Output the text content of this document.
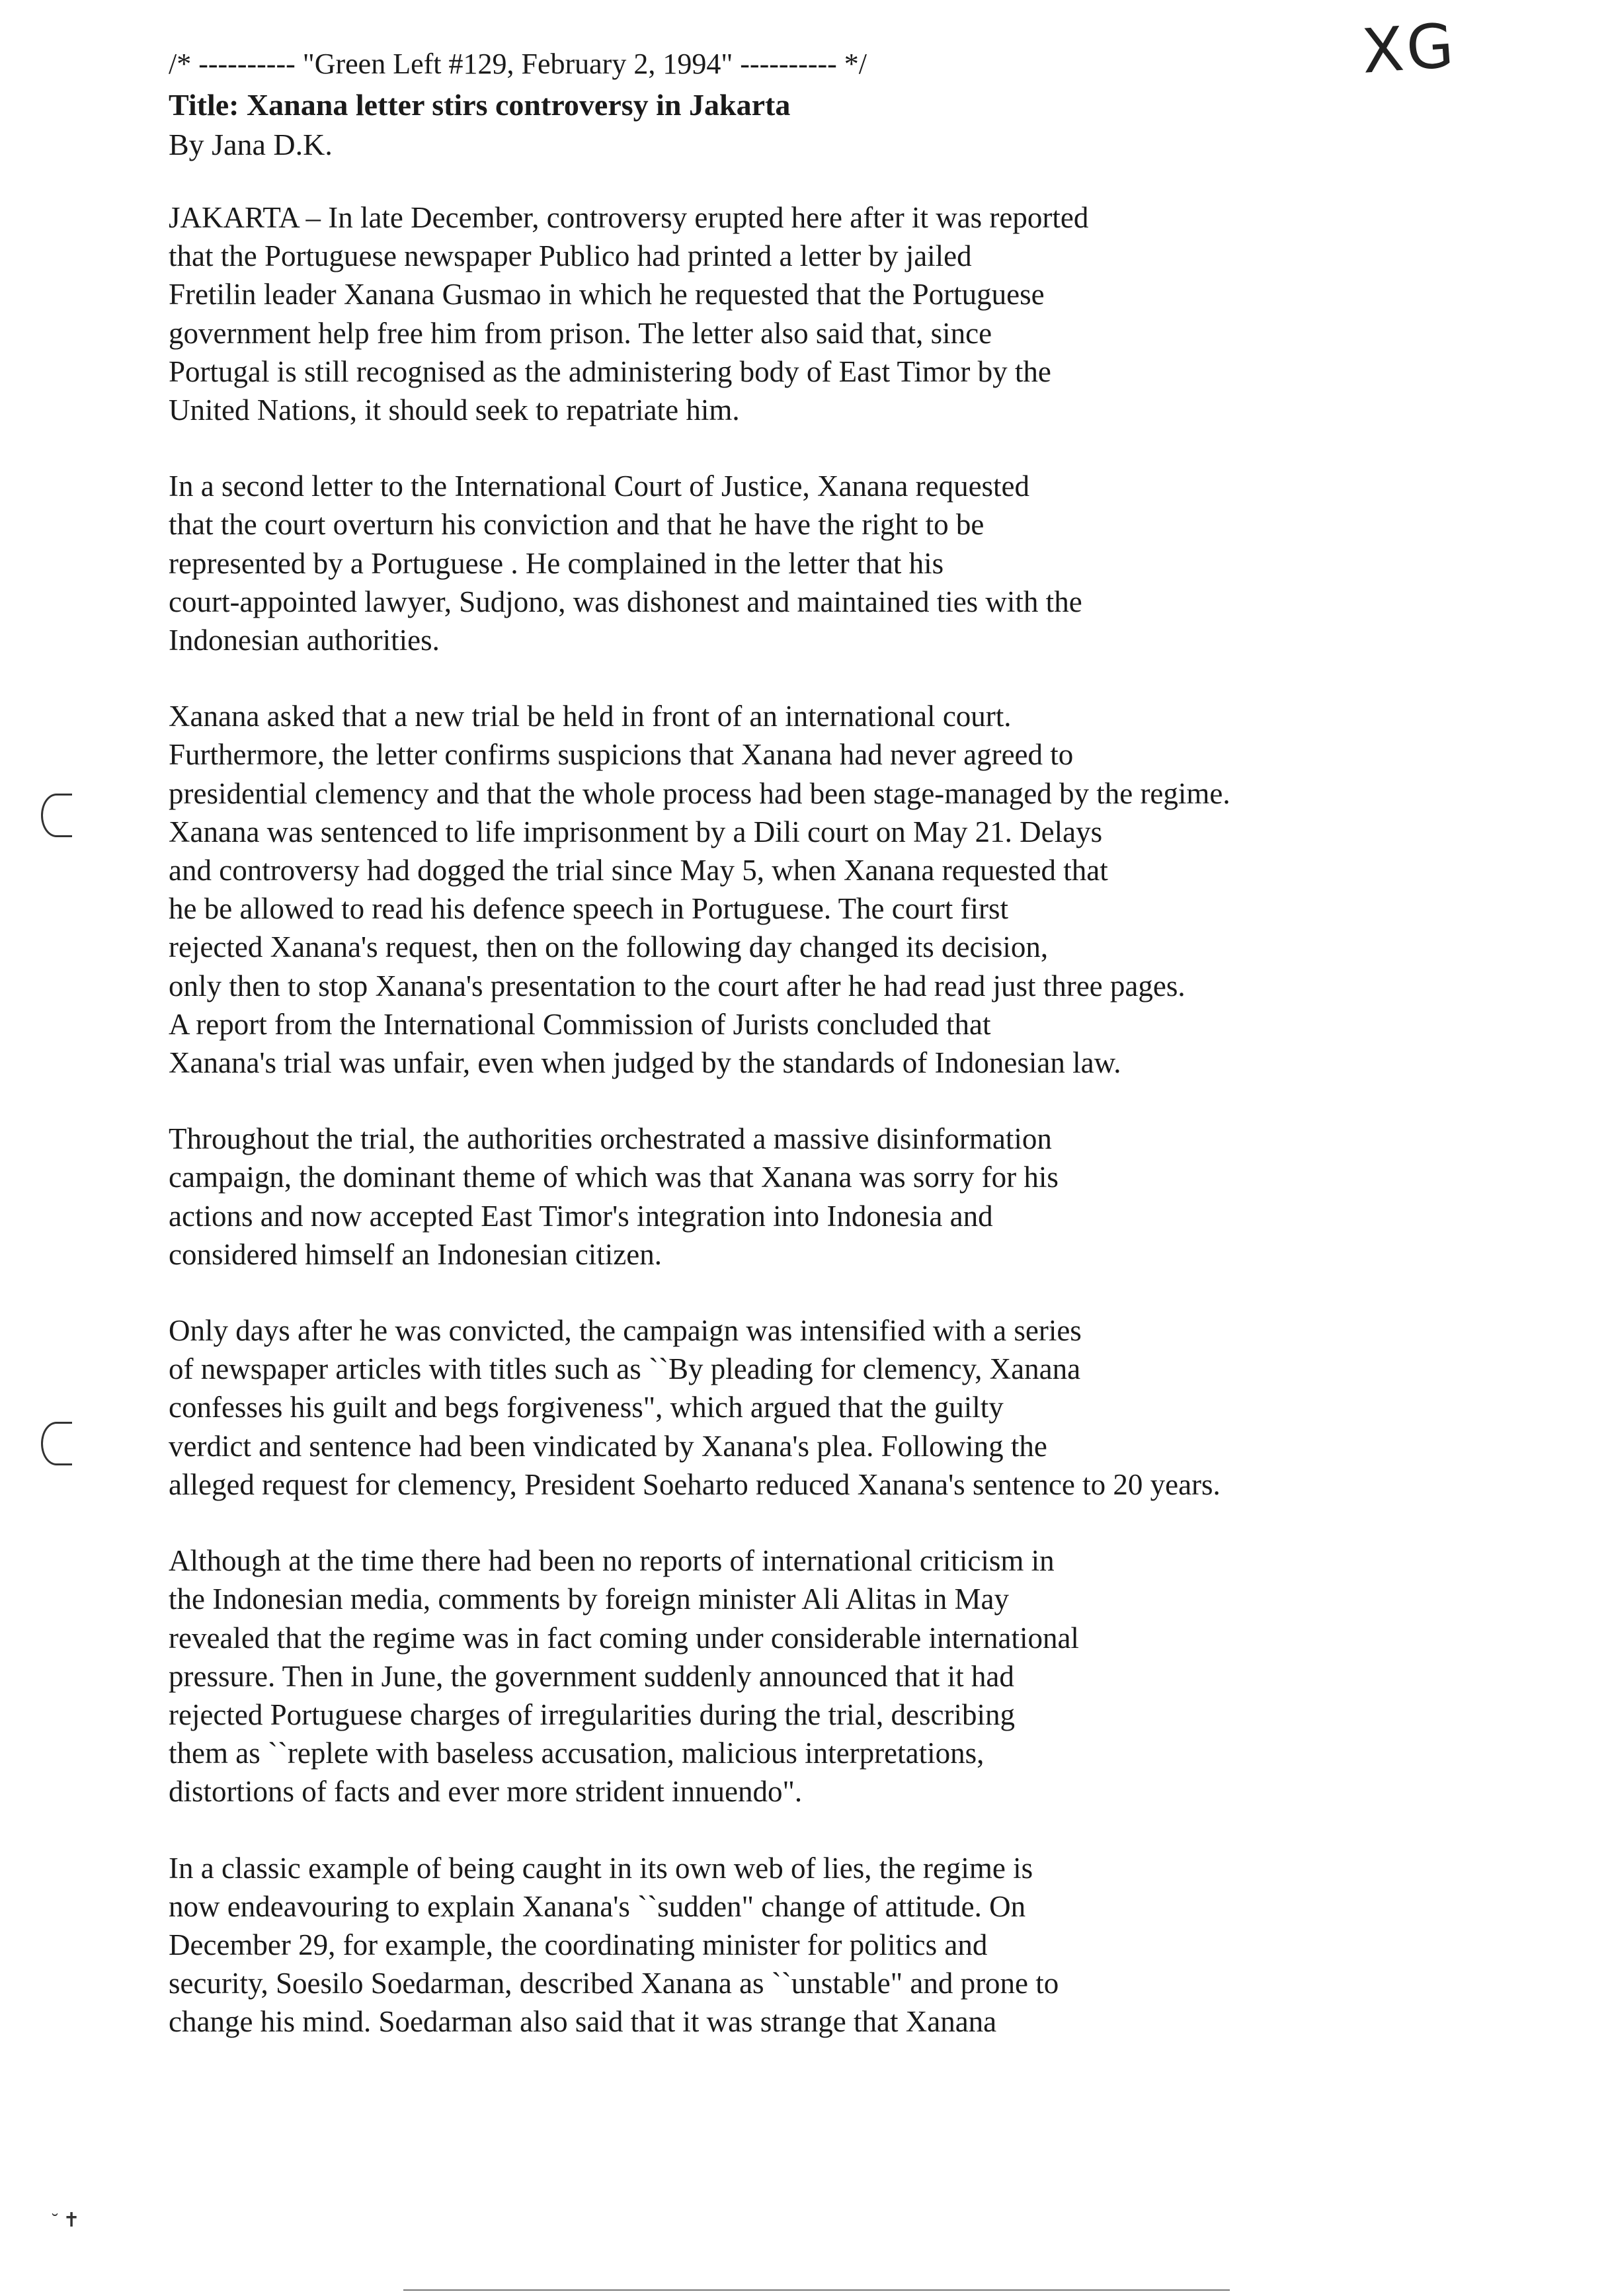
/* ---------- "Green Left #129, February 2, 1994" ---------- */	XG
Title: Xanana letter stirs controversy in Jakarta
By Jana D.K.
JAKARTA – In late December, controversy erupted here after it was reported
that the Portuguese newspaper Publico had printed a letter by jailed
Fretilin leader Xanana Gusmao in which he requested that the Portuguese
government help free him from prison. The letter also said that, since
Portugal is still recognised as the administering body of East Timor by the
United Nations, it should seek to repatriate him.
In a second letter to the International Court of Justice, Xanana requested
that the court overturn his conviction and that he have the right to be
represented by a Portuguese . He complained in the letter that his
court-appointed lawyer, Sudjono, was dishonest and maintained ties with the
Indonesian authorities.
Xanana asked that a new trial be held in front of an international court.
Furthermore, the letter confirms suspicions that Xanana had never agreed to
presidential clemency and that the whole process had been stage-managed by the regime.
Xanana was sentenced to life imprisonment by a Dili court on May 21. Delays
and controversy had dogged the trial since May 5, when Xanana requested that
he be allowed to read his defence speech in Portuguese. The court first
rejected Xanana's request, then on the following day changed its decision,
only then to stop Xanana's presentation to the court after he had read just three pages.
A report from the International Commission of Jurists concluded that
Xanana's trial was unfair, even when judged by the standards of Indonesian law.
Throughout the trial, the authorities orchestrated a massive disinformation
campaign, the dominant theme of which was that Xanana was sorry for his
actions and now accepted East Timor's integration into Indonesia and
considered himself an Indonesian citizen.
Only days after he was convicted, the campaign was intensified with a series
of newspaper articles with titles such as ``By pleading for clemency, Xanana
confesses his guilt and begs forgiveness", which argued that the guilty
verdict and sentence had been vindicated by Xanana's plea. Following the
alleged request for clemency, President Soeharto reduced Xanana's sentence to 20 years.
Although at the time there had been no reports of international criticism in
the Indonesian media, comments by foreign minister Ali Alitas in May
revealed that the regime was in fact coming under considerable international
pressure. Then in June, the government suddenly announced that it had
rejected Portuguese charges of irregularities during the trial, describing
them as ``replete with baseless accusation, malicious interpretations,
distortions of facts and ever more strident innuendo".
In a classic example of being caught in its own web of lies, the regime is
now endeavouring to explain Xanana's ``sudden" change of attitude. On
December 29, for example, the coordinating minister for politics and
security, Soesilo Soedarman, described Xanana as ``unstable" and prone to
change his mind. Soedarman also said that it was strange that Xanana
˘ ✝
